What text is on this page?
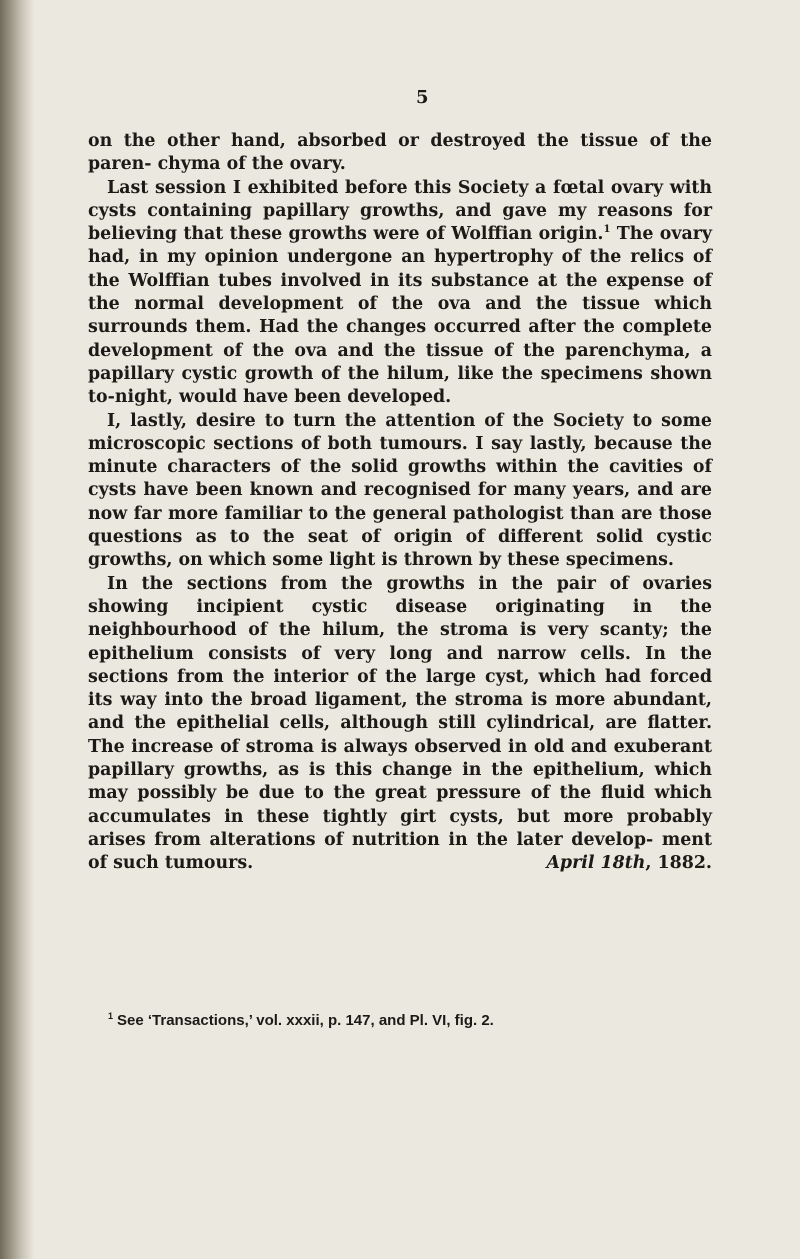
5

on the other hand, absorbed or destroyed the tissue of the paren- chyma of the ovary.

Last session I exhibited before this Society a fœtal ovary with cysts containing papillary growths, and gave my reasons for believing that these growths were of Wolffian origin.$^1$ The ovary had, in my opinion undergone an hypertrophy of the relics of the Wolffian tubes involved in its substance at the expense of the normal development of the ova and the tissue which surrounds them. Had the changes occurred after the complete development of the ova and the tissue of the parenchyma, a papillary cystic growth of the hilum, like the specimens shown to-night, would have been developed.

I, lastly, desire to turn the attention of the Society to some microscopic sections of both tumours. I say lastly, because the minute characters of the solid growths within the cavities of cysts have been known and recognised for many years, and are now far more familiar to the general pathologist than are those questions as to the seat of origin of different solid cystic growths, on which some light is thrown by these specimens.

In the sections from the growths in the pair of ovaries showing incipient cystic disease originating in the neighbourhood of the hilum, the stroma is very scanty; the epithelium consists of very long and narrow cells. In the sections from the interior of the large cyst, which had forced its way into the broad ligament, the stroma is more abundant, and the epithelial cells, although still cylindrical, are flatter. The increase of stroma is always observed in old and exuberant papillary growths, as is this change in the epithelium, which may possibly be due to the great pressure of the fluid which accumulates in these tightly girt cysts, but more probably arises from alterations of nutrition in the later develop- ment of such tumours.	April 18th, 1882.

$^1$ See ‘Transactions,’ vol. xxxii, p. 147, and Pl. VI, fig. 2.
